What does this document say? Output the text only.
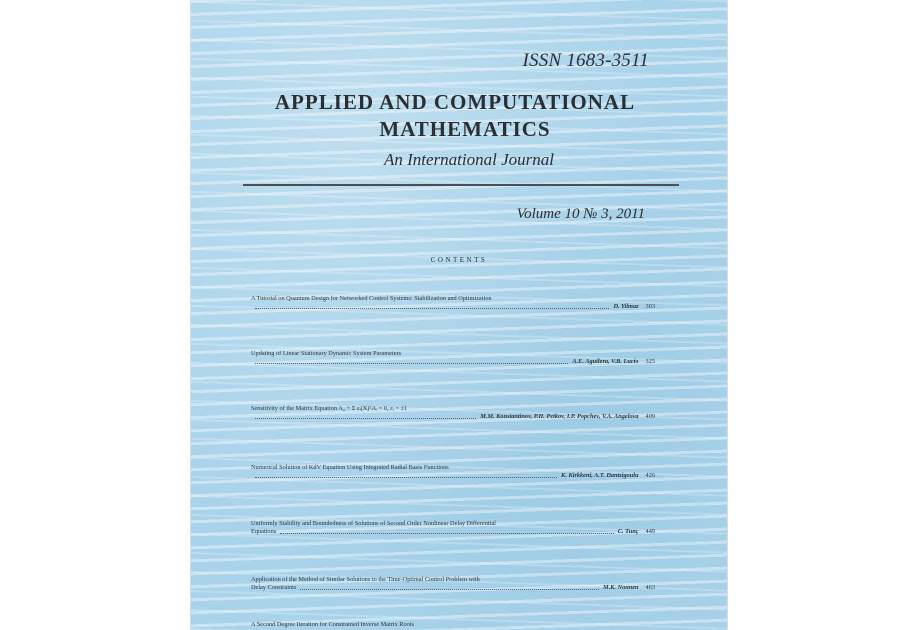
ISSN 1683-3511
APPLIED AND COMPUTATIONAL
MATHEMATICS
An International Journal
Volume 10 № 3, 2011
CONTENTS
A Tutorial on Quantum Design for Networked Control Systems: Stabilization and Optimization
D. Yilmaz 303
Updating of Linear Stationary Dynamic System Parameters
A.E. Aguilera, V.B. Lucio 325
Sensitivity of the Matrix Equation A₀ + Σ εᵢ(X)ᵀAᵢ = 0, εᵢ = ±1
M.M. Konstantinov, P.H. Petkov, I.P. Popchev, V.A. Angelova 409
Numerical Solution of KdV Equation Using Integrated Radial Basis Functions
K. Kirkkeni, A.T. Dantzigoulu 426
Uniformly Stability and Boundedness of Solutions of Second Order Nonlinear Delay Differential
Equations	C. Tunç 449
Application of the Method of Similar Solutions to the Time-Optimal Control Problem with
Delay Constraints	M.K. Nonnen 463
A Second Degree Iteration for Constrained Inverse Matrix Roots
